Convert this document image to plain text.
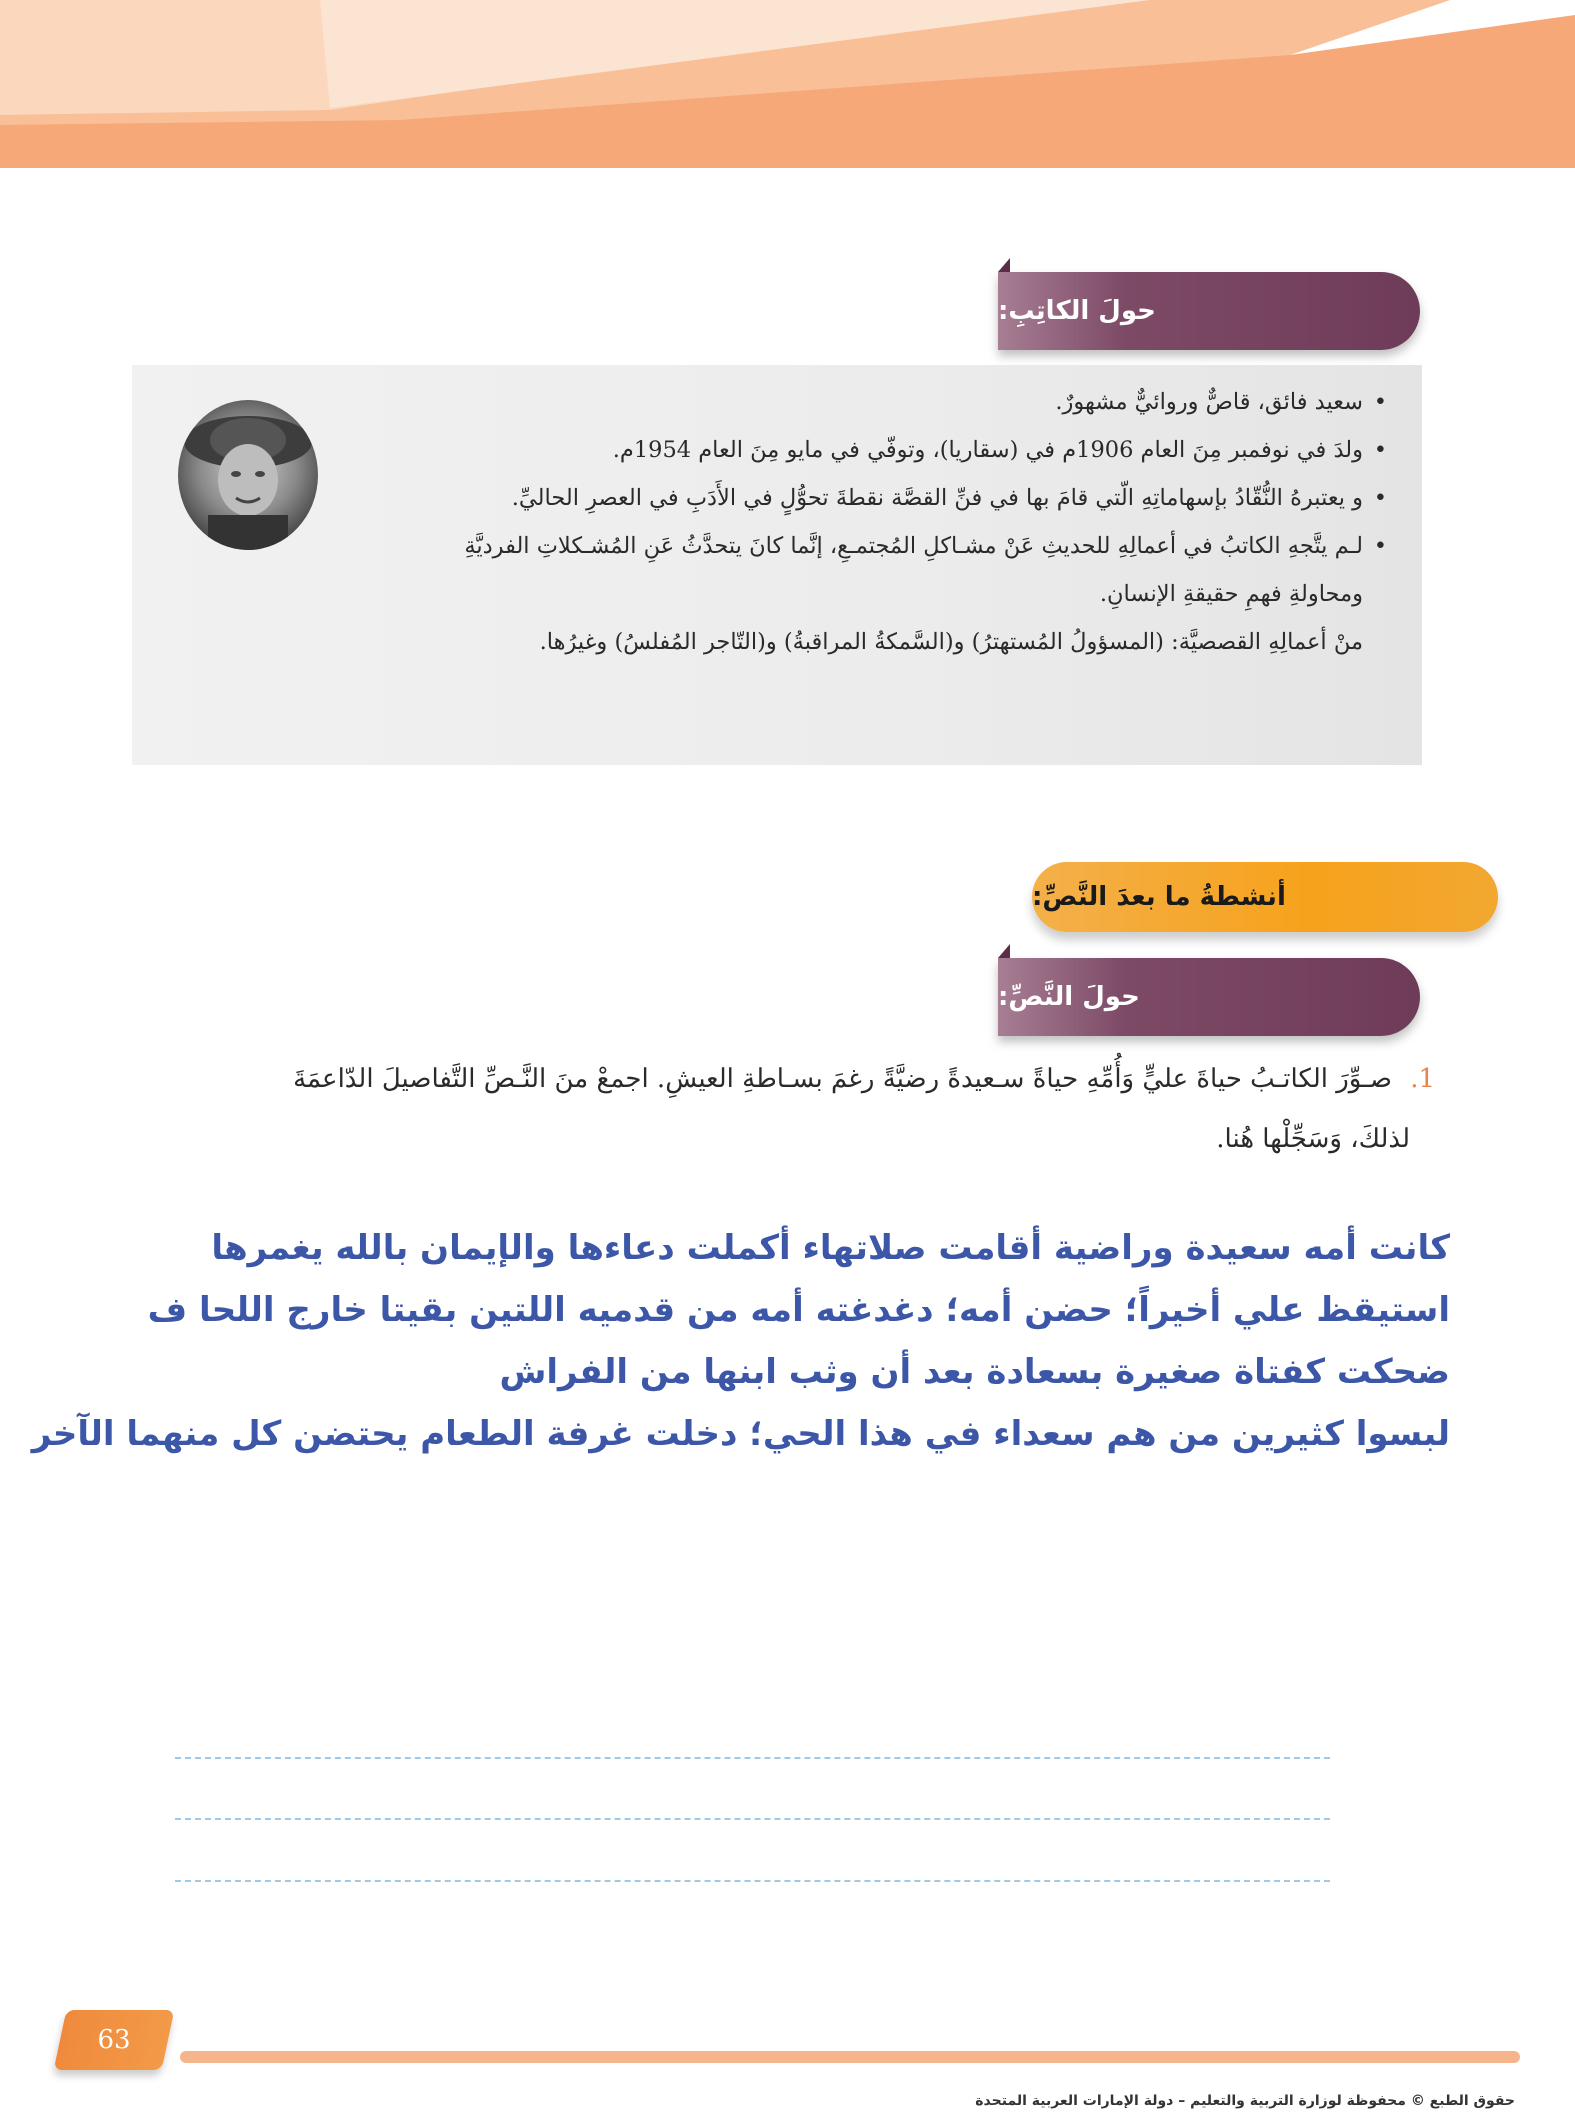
حولَ الكاتِبِ:
• سعيد فائق، قاصٌّ وروائيٌّ مشهورٌ.
• ولدَ في نوفمبر مِنَ العام 1906م في (سقاريا)، وتوفّي في مايو مِنَ العام 1954م.
• و يعتبرهُ النُّقّادُ بإسهاماتِهِ الّتي قامَ بها في فنِّ القصَّة نقطةَ تحوُّلٍ في الأَدَبِ في العصرِ الحاليِّ.
• لـم يتَّجهِ الكاتبُ في أعمالِهِ للحديثِ عَنْ مشـاكلِ المُجتمـعِ، إنَّما كانَ يتحدَّثُ عَنِ المُشـكلاتِ الفرديَّةِ
ومحاولةِ فهمِ حقيقةِ الإنسانِ.
منْ أعمالِهِ القصصيَّة: (المسؤولُ المُستهترُ) و(السَّمكةُ المراقبةُ) و(التّاجر المُفلسُ) وغيرُها.
أنشطةُ ما بعدَ النَّصِّ:
حولَ النَّصِّ:
1. صـوِّرَ الكاتـبُ حياةَ عليٍّ وَأُمِّهِ حياةً سـعيدةً رضيَّةً رغمَ بسـاطةِ العيشِ. اجمعْ منَ النَّـصِّ التَّفاصيلَ الدّاعمَةَ
لذلكَ، وَسَجِّلْها هُنا.
كانت أمه سعيدة وراضية أقامت صلاتهاء أكملت دعاءها والإيمان بالله يغمرها
استيقظ علي أخيراً؛ حضن أمه؛ دغدغته أمه من قدميه اللتين بقيتا خارج اللحا ف
ضحكت كفتاة صغيرة بسعادة بعد أن وثب ابنها من الفراش
لبسوا كثيرين من هم سعداء في هذا الحي؛ دخلت غرفة الطعام يحتضن كل منهما الآخر
63
حقوق الطبع © محفوظة لوزارة التربية والتعليم – دولة الإمارات العربية المتحدة
